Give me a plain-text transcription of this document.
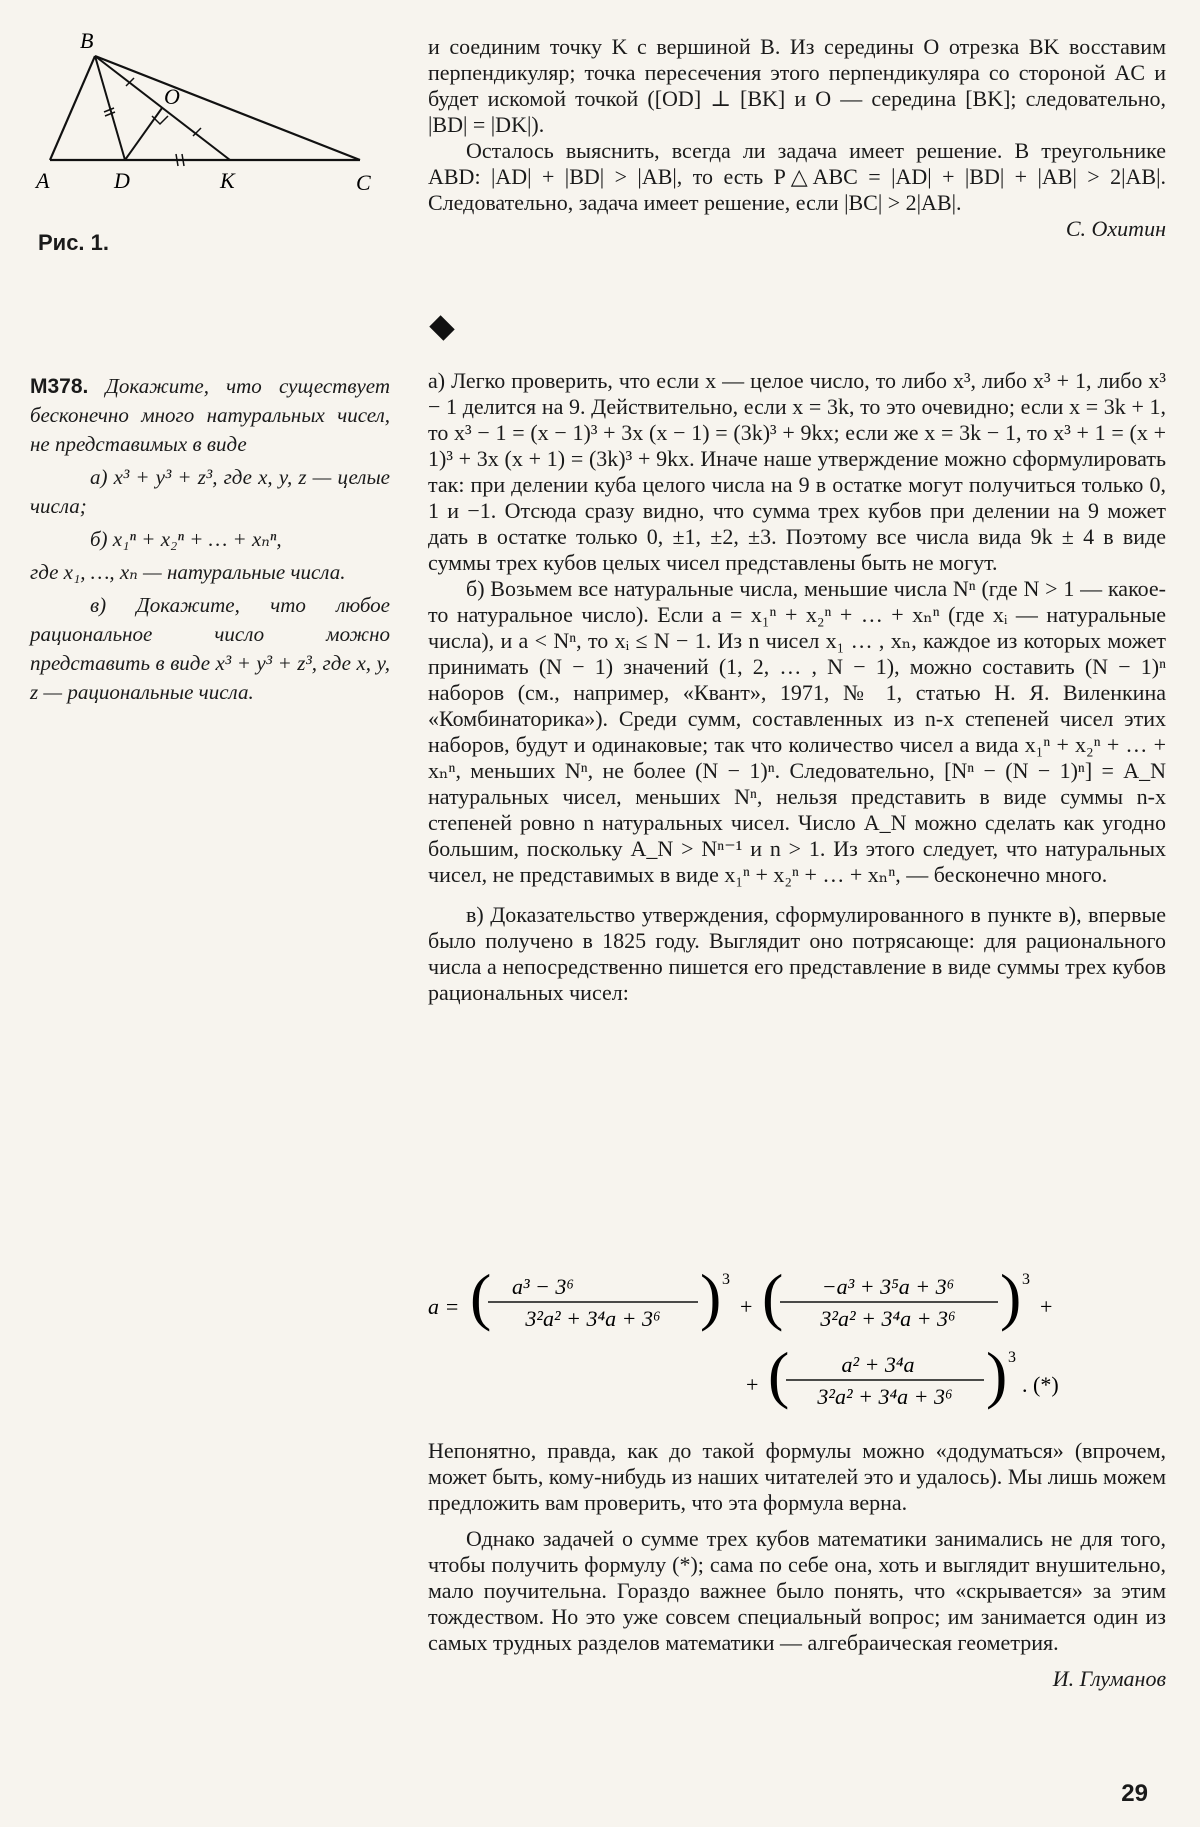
B
A	D	K	C
O
Рис. 1.

и соединим точку K с вершиной B. Из середины O отрезка BK восставим перпендикуляр; точка пересечения этого перпендикуляра со стороной AC и будет искомой точкой ([OD] ⊥ [BK] и O — середина [BK]; следовательно, |BD| = |DK|).

Осталось выяснить, всегда ли задача имеет решение. В треугольнике ABD: |AD| + |BD| > |AB|, то есть P△ABC = |AD| + |BD| + |AB| > 2|AB|. Следовательно, задача имеет решение, если |BC| > 2|AB|.

С. Охитин

М378. Докажите, что существует бесконечно много натуральных чисел, не представимых в виде

а) x³ + y³ + z³, где x, y, z — целые числа;

б) x₁ⁿ + x₂ⁿ + … + xₙⁿ,

где x₁, …, xₙ — натуральные числа.

в) Докажите, что любое рациональное число можно представить в виде x³ + y³ + z³, где x, y, z — рациональные числа.

а) Легко проверить, что если x — целое число, то либо x³, либо x³ + 1, либо x³ − 1 делится на 9. Действительно, если x = 3k, то это очевидно; если x = 3k + 1, то x³ − 1 = (x − 1)³ + 3x (x − 1) = (3k)³ + 9kx; если же x = 3k − 1, то x³ + 1 = (x + 1)³ + 3x (x + 1) = (3k)³ + 9kx. Иначе наше утверждение можно сформулировать так: при делении куба целого числа на 9 в остатке могут получиться только 0, 1 и −1. Отсюда сразу видно, что сумма трех кубов при делении на 9 может дать в остатке только 0, ±1, ±2, ±3. Поэтому все числа вида 9k ± 4 в виде суммы трех кубов целых чисел представлены быть не могут.

б) Возьмем все натуральные числа, меньшие числа Nⁿ (где N > 1 — какое-то натуральное число). Если a = x₁ⁿ + x₂ⁿ + … + xₙⁿ (где xᵢ — натуральные числа), и a < Nⁿ, то xᵢ ≤ N − 1. Из n чисел x₁ … , xₙ, каждое из которых может принимать (N − 1) значений (1, 2, … , N − 1), можно составить (N − 1)ⁿ наборов (см., например, «Квант», 1971, № 1, статью Н. Я. Виленкина «Комбинаторика»). Среди сумм, составленных из n-х степеней чисел этих наборов, будут и одинаковые; так что количество чисел a вида x₁ⁿ + x₂ⁿ + … + xₙⁿ, меньших Nⁿ, не более (N − 1)ⁿ. Следовательно, [Nⁿ − (N − 1)ⁿ] = A_N натуральных чисел, меньших Nⁿ, нельзя представить в виде суммы n-х степеней ровно n натуральных чисел. Число A_N можно сделать как угодно большим, поскольку A_N > Nⁿ⁻¹ и n > 1. Из этого следует, что натуральных чисел, не представимых в виде x₁ⁿ + x₂ⁿ + … + xₙⁿ, — бесконечно много.

в) Доказательство утверждения, сформулированного в пункте в), впервые было получено в 1825 году. Выглядит оно потрясающе: для рационального числа a непосредственно пишется его представление в виде суммы трех кубов рациональных чисел:

a = ( a³ − 3⁶
3²a² + 3⁴a + 3⁶ ) 3
+ ( −a³ + 3⁵a + 3⁶
3²a² + 3⁴a + 3⁶ ) 3
+
+ ( a² + 3⁴a
3²a² + 3⁴a + 3⁶ ) 3
. (*)

Непонятно, правда, как до такой формулы можно «додуматься» (впрочем, может быть, кому-нибудь из наших читателей это и удалось). Мы лишь можем предложить вам проверить, что эта формула верна.

Однако задачей о сумме трех кубов математики занимались не для того, чтобы получить формулу (*); сама по себе она, хоть и выглядит внушительно, мало поучительна. Гораздо важнее было понять, что «скрывается» за этим тождеством. Но это уже совсем специальный вопрос; им занимается один из самых трудных разделов математики — алгебраическая геометрия.

И. Глуманов
29
